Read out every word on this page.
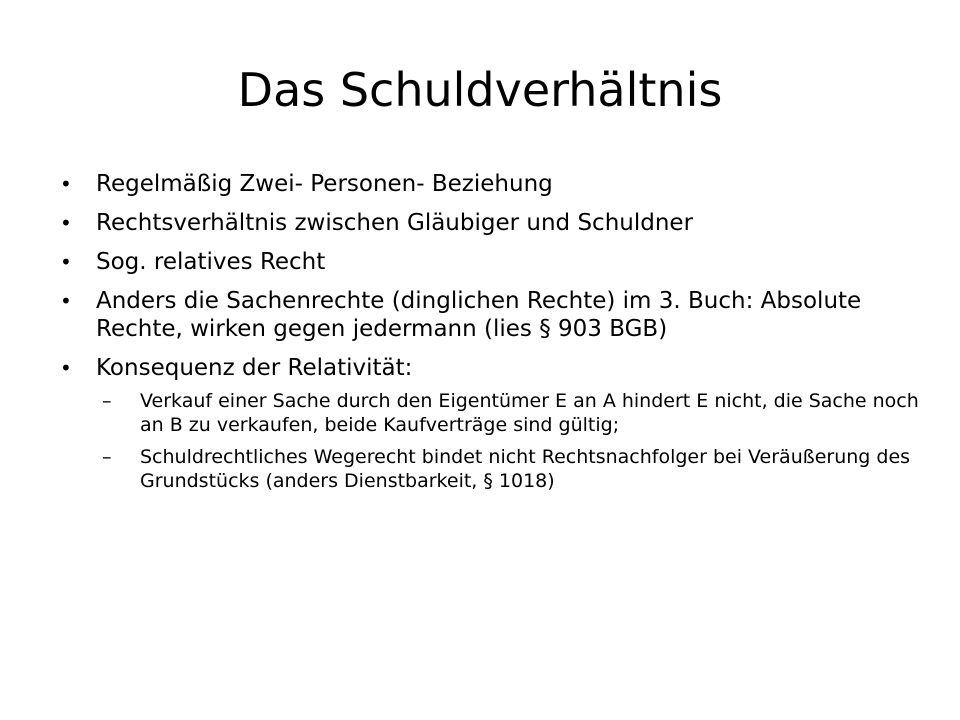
Das Schuldverhältnis
•	Regelmäßig Zwei- Personen- Beziehung
•	Rechtsverhältnis zwischen Gläubiger und Schuldner
•	Sog. relatives Recht
•	Anders die Sachenrechte (dinglichen Rechte) im 3. Buch: Absolute Rechte, wirken gegen jedermann (lies § 903 BGB)
•	Konsequenz der Relativität:
–	Verkauf einer Sache durch den Eigentümer E an A hindert E nicht, die Sache noch an B zu verkaufen, beide Kaufverträge sind gültig;
–	Schuldrechtliches Wegerecht bindet nicht Rechtsnachfolger bei Veräußerung des Grundstücks (anders Dienstbarkeit, § 1018)
